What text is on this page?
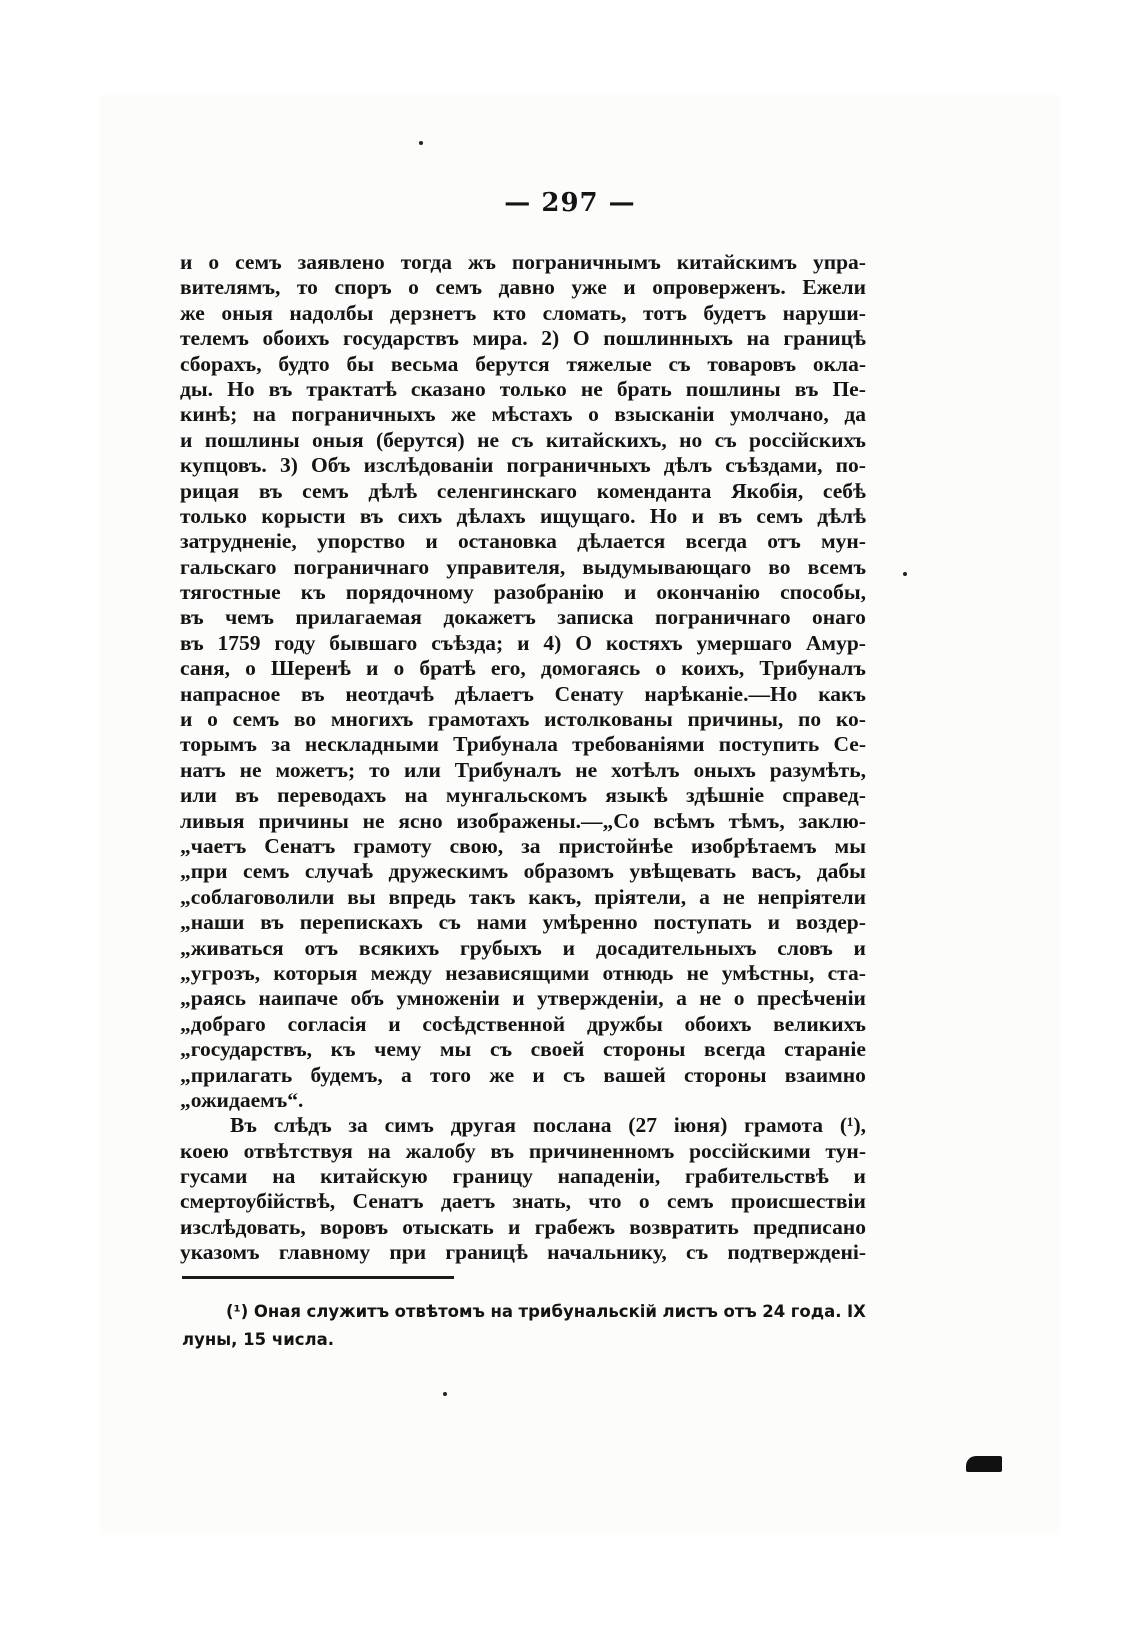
— 297 —
и о семъ заявлено тогда жъ пограничнымъ китайскимъ упра-
вителямъ, то споръ о семъ давно уже и опроверженъ. Ежели
же оныя надолбы дерзнетъ кто сломать, тотъ будетъ наруши-
телемъ обоихъ государствъ мира. 2) О пошлинныхъ на границѣ
сборахъ, будто бы весьма берутся тяжелые съ товаровъ окла-
ды. Но въ трактатѣ сказано только не брать пошлины въ Пе-
кинѣ; на пограничныхъ же мѣстахъ о взысканіи умолчано, да
и пошлины оныя (берутся) не съ китайскихъ, но съ россійскихъ
купцовъ. 3) Объ изслѣдованіи пограничныхъ дѣлъ съѣздами, по-
рицая въ семъ дѣлѣ селенгинскаго коменданта Якобія, себѣ
только корысти въ сихъ дѣлахъ ищущаго. Но и въ семъ дѣлѣ
затрудненіе, упорство и остановка дѣлается всегда отъ мун-
гальскаго пограничнаго управителя, выдумывающаго во всемъ
тягостные къ порядочному разобранію и окончанію способы,
въ чемъ прилагаемая докажетъ записка пограничнаго онаго
въ 1759 году бывшаго съѣзда; и 4) О костяхъ умершаго Амур-
саня, о Шеренѣ и о братѣ его, домогаясь о коихъ, Трибуналъ
напрасное въ неотдачѣ дѣлаетъ Сенату нарѣканіе.—Но какъ
и о семъ во многихъ грамотахъ истолкованы причины, по ко-
торымъ за нескладными Трибунала требованіями поступить Се-
натъ не можетъ; то или Трибуналъ не хотѣлъ оныхъ разумѣть,
или въ переводахъ на мунгальскомъ языкѣ здѣшніе справед-
ливыя причины не ясно изображены.—„Со всѣмъ тѣмъ, заклю-
„чаетъ Сенатъ грамоту свою, за пристойнѣе изобрѣтаемъ мы
„при семъ случаѣ дружескимъ образомъ увѣщевать васъ, дабы
„соблаговолили вы впредь такъ какъ, пріятели, а не непріятели
„наши въ перепискахъ съ нами умѣренно поступать и воздер-
„живаться отъ всякихъ грубыхъ и досадительныхъ словъ и
„угрозъ, которыя между независящими отнюдь не умѣстны, ста-
„раясь наипаче объ умноженіи и утвержденіи, а не о пресѣченіи
„добраго согласія и сосѣдственной дружбы обоихъ великихъ
„государствъ, къ чему мы съ своей стороны всегда стараніе
„прилагать будемъ, а того же и съ вашей стороны взаимно
„ожидаемъ“.
Въ слѣдъ за симъ другая послана (27 іюня) грамота (¹),
коею отвѣтствуя на жалобу въ причиненномъ россійскими тун-
гусами на китайскую границу нападеніи, грабительствѣ и
смертоубійствѣ, Сенатъ даетъ знать, что о семъ происшествіи
изслѣдовать, воровъ отыскать и грабежъ возвратить предписано
указомъ главному при границѣ начальнику, съ подтвержденi-
(¹) Оная служитъ отвѣтомъ на трибунальскій листъ отъ 24 года. IX
луны, 15 числа.
